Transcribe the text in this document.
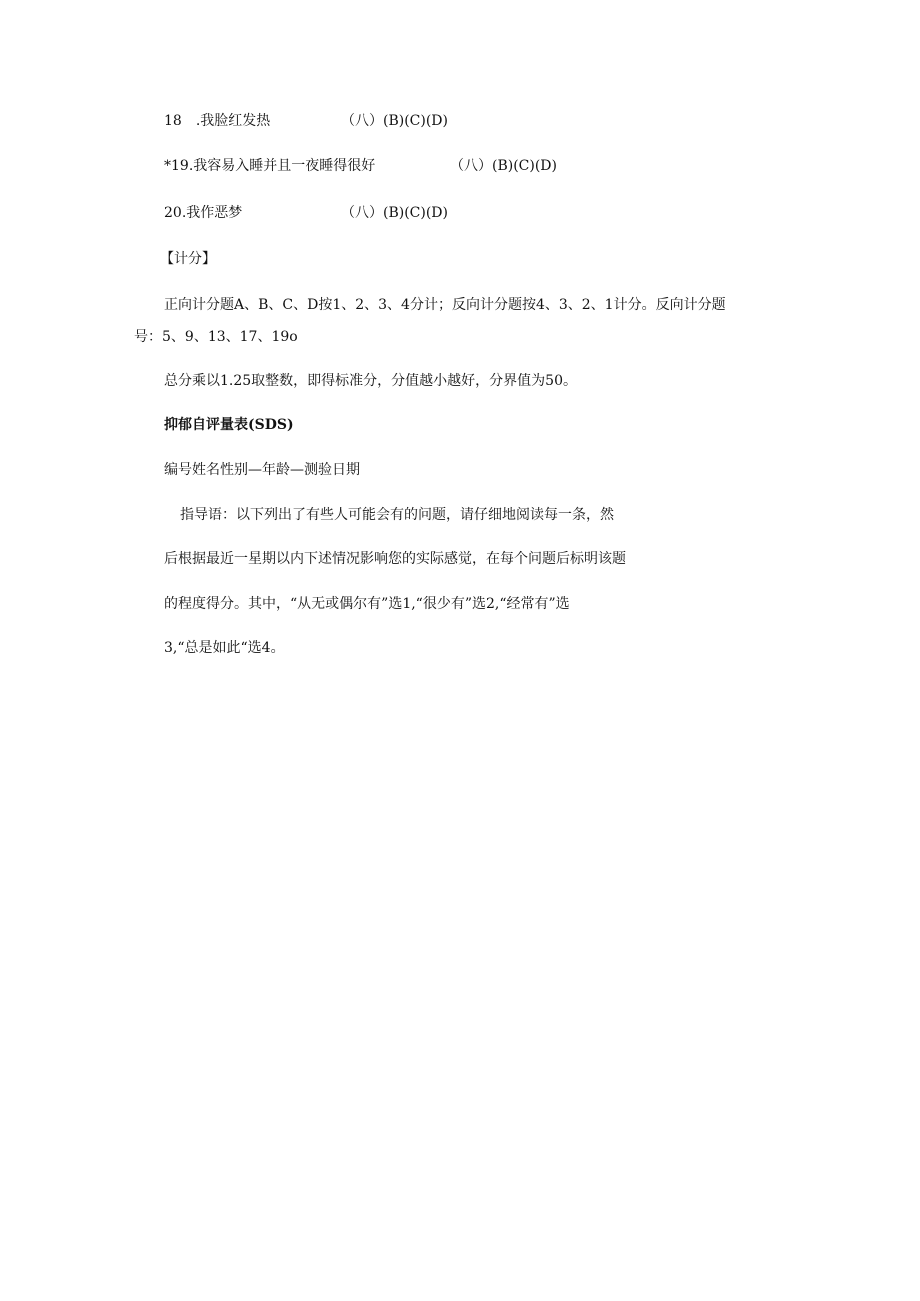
18　.我脸红发热	（八）(B)(C)(D)
*19.我容易入睡并且一夜睡得很好	（八）(B)(C)(D)
20.我作恶梦	（八）(B)(C)(D)
【计分】
正向计分题A、B、C、D按1、2、3、4分计；反向计分题按4、3、2、1计分。反向计分题
号：5、9、13、17、19o
总分乘以1.25取整数，即得标准分，分值越小越好，分界值为50。
抑郁自评量表(SDS)
编号姓名性别—年龄—测验日期
指导语：以下列出了有些人可能会有的问题，请仔细地阅读每一条，然
后根据最近一星期以内下述情况影响您的实际感觉，在每个问题后标明该题
的程度得分。其中，“从无或偶尔有”选1,“很少有”选2,“经常有”选
3,“总是如此“选4。
